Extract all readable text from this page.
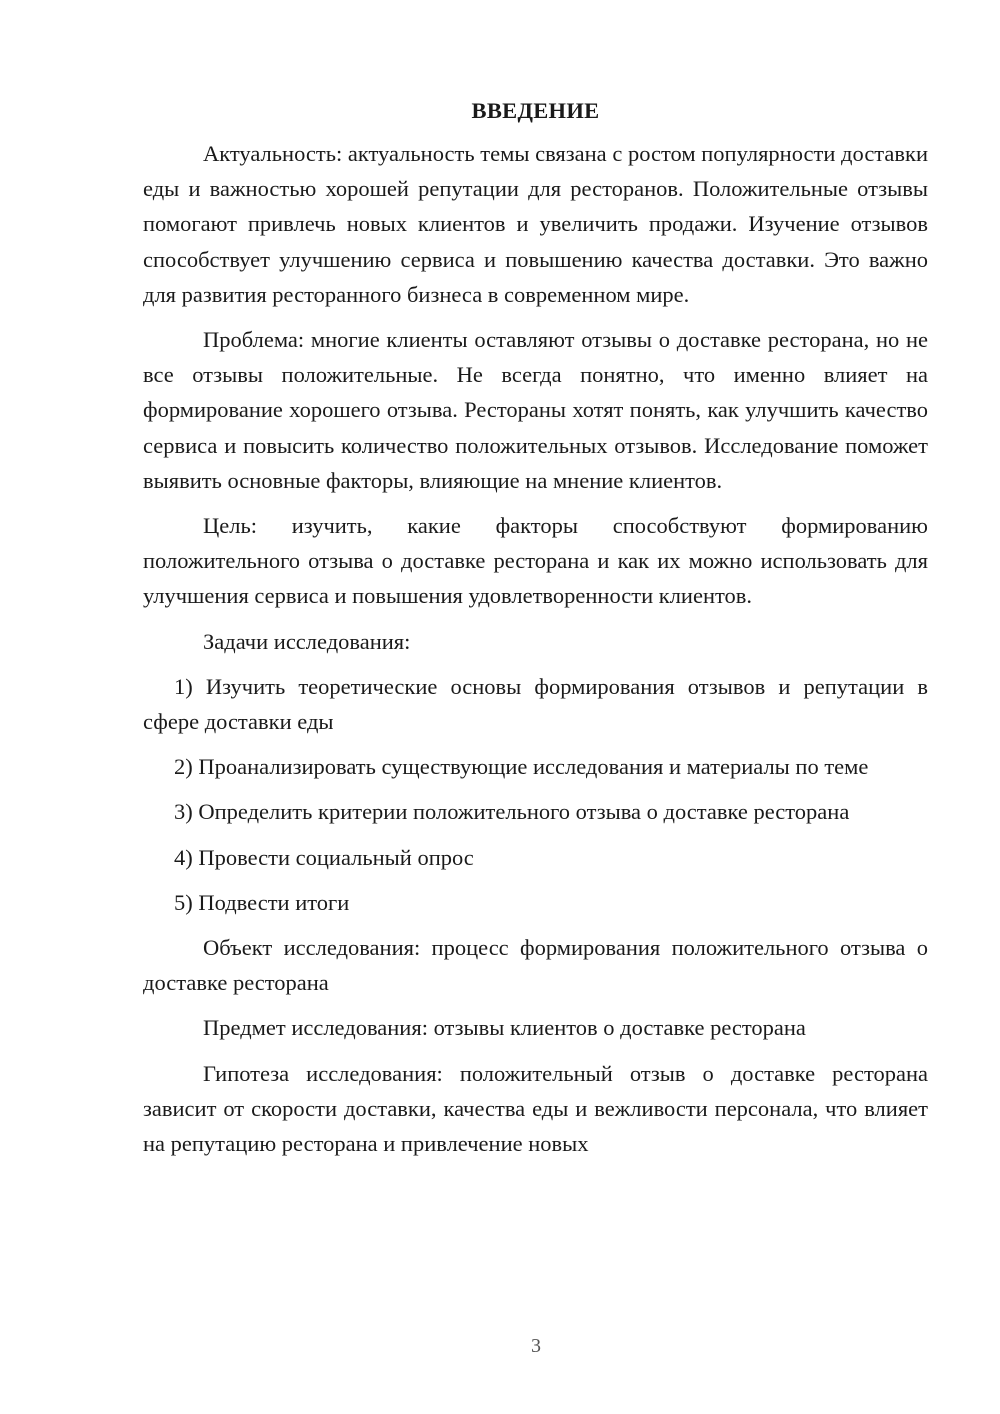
ВВЕДЕНИЕ

Актуальность: актуальность темы связана с ростом популярности доставки еды и важностью хорошей репутации для ресторанов. Положительные отзывы помогают привлечь новых клиентов и увеличить продажи. Изучение отзывов способствует улучшению сервиса и повышению качества доставки. Это важно для развития ресторанного бизнеса в современном мире.

Проблема: многие клиенты оставляют отзывы о доставке ресторана, но не все отзывы положительные. Не всегда понятно, что именно влияет на формирование хорошего отзыва. Рестораны хотят понять, как улучшить качество сервиса и повысить количество положительных отзывов. Исследование поможет выявить основные факторы, влияющие на мнение клиентов.

Цель: изучить, какие факторы способствуют формированию положительного отзыва о доставке ресторана и как их можно использовать для улучшения сервиса и повышения удовлетворенности клиентов.

Задачи исследования:

1) Изучить теоретические основы формирования отзывов и репутации в сфере доставки еды

2) Проанализировать существующие исследования и материалы по теме

3) Определить критерии положительного отзыва о доставке ресторана

4) Провести социальный опрос

5) Подвести итоги

Объект исследования: процесс формирования положительного отзыва о доставке ресторана

Предмет исследования: отзывы клиентов о доставке ресторана

Гипотеза исследования: положительный отзыв о доставке ресторана зависит от скорости доставки, качества еды и вежливости персонала, что влияет на репутацию ресторана и привлечение новых

3
